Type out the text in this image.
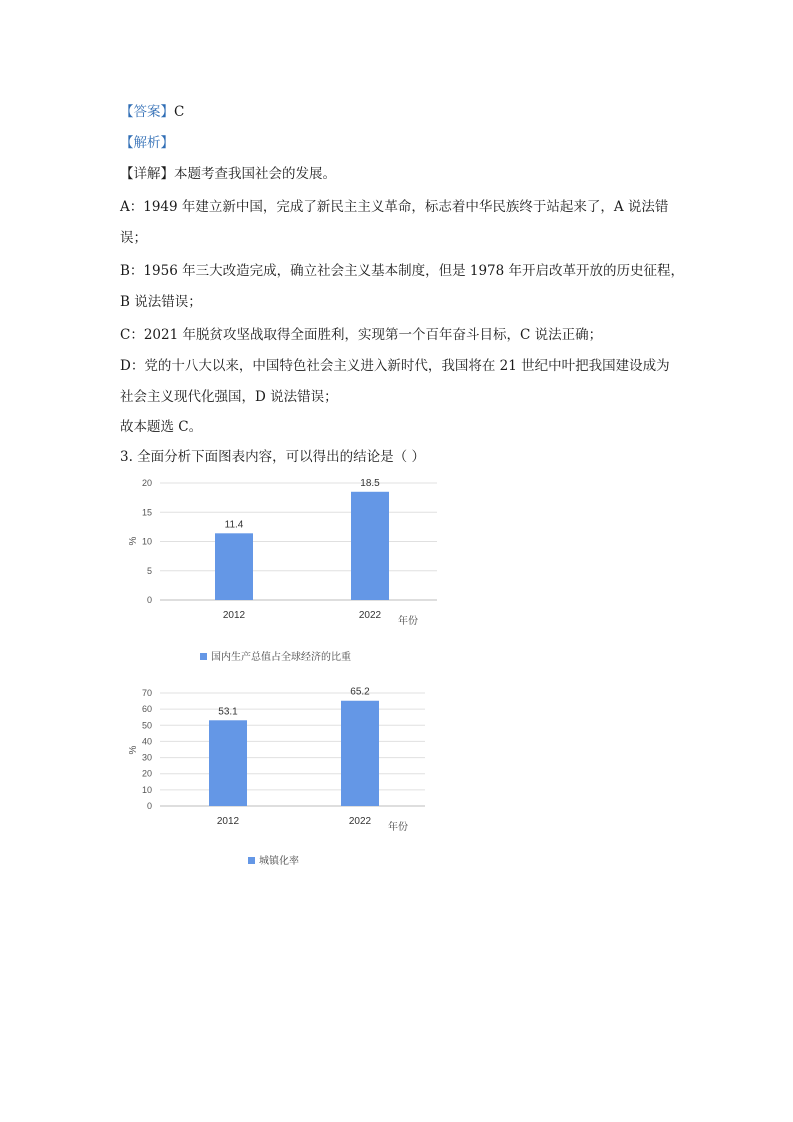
【答案】C
【解析】
【详解】本题考查我国社会的发展。
A：1949 年建立新中国，完成了新民主主义革命，标志着中华民族终于站起来了，A 说法错
误；
B：1956 年三大改造完成，确立社会主义基本制度，但是 1978 年开启改革开放的历史征程，
B 说法错误；
C：2021 年脱贫攻坚战取得全面胜利，实现第一个百年奋斗目标，C 说法正确；
D：党的十八大以来，中国特色社会主义进入新时代，我国将在 21 世纪中叶把我国建设成为
社会主义现代化强国，D 说法错误；
故本题选 C。
3. 全面分析下面图表内容，可以得出的结论是（ ）
0
5
10
15
20
%
11.4
2012
18.5
2022
年份
国内生产总值占全球经济的比重
0
10
20
30
40
50
60
70
%
53.1
2012
65.2
2022
年份
城镇化率
